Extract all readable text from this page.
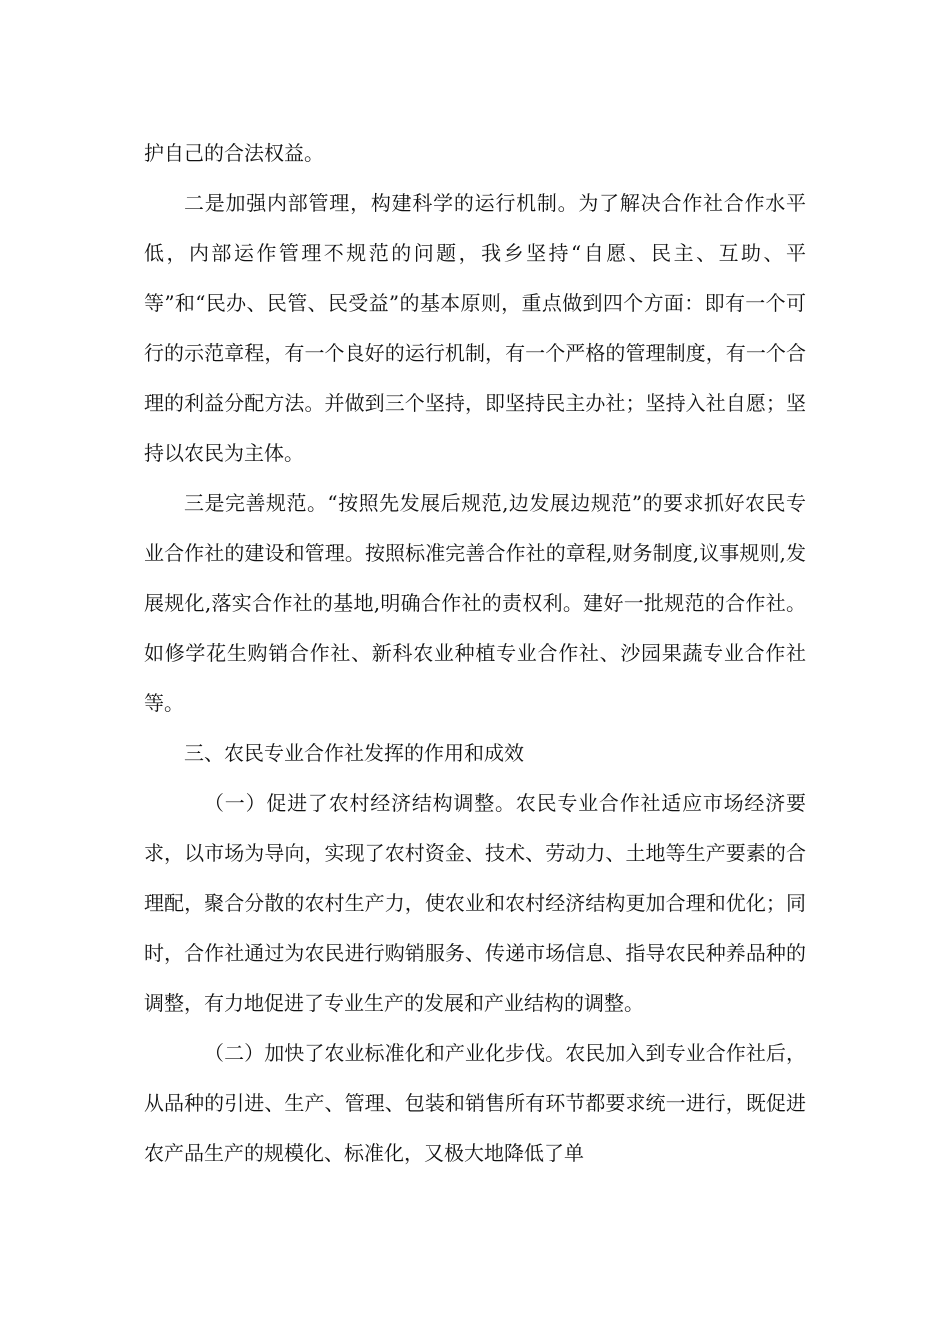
护自己的合法权益。

二是加强内部管理，构建科学的运行机制。为了解决合作社合作水平低，内部运作管理不规范的问题，我乡坚持“自愿、民主、互助、平等”和“民办、民管、民受益”的基本原则，重点做到四个方面：即有一个可行的示范章程，有一个良好的运行机制，有一个严格的管理制度，有一个合理的利益分配方法。并做到三个坚持，即坚持民主办社；坚持入社自愿；坚持以农民为主体。

三是完善规范。“按照先发展后规范,边发展边规范”的要求抓好农民专业合作社的建设和管理。按照标准完善合作社的章程,财务制度,议事规则,发展规化,落实合作社的基地,明确合作社的责权利。建好一批规范的合作社。如修学花生购销合作社、新科农业种植专业合作社、沙园果蔬专业合作社等。

三、农民专业合作社发挥的作用和成效

（一）促进了农村经济结构调整。农民专业合作社适应市场经济要求，以市场为导向，实现了农村资金、技术、劳动力、土地等生产要素的合理配，聚合分散的农村生产力，使农业和农村经济结构更加合理和优化；同时，合作社通过为农民进行购销服务、传递市场信息、指导农民种养品种的调整，有力地促进了专业生产的发展和产业结构的调整。

（二）加快了农业标准化和产业化步伐。农民加入到专业合作社后，从品种的引进、生产、管理、包装和销售所有环节都要求统一进行，既促进农产品生产的规模化、标准化，又极大地降低了单
